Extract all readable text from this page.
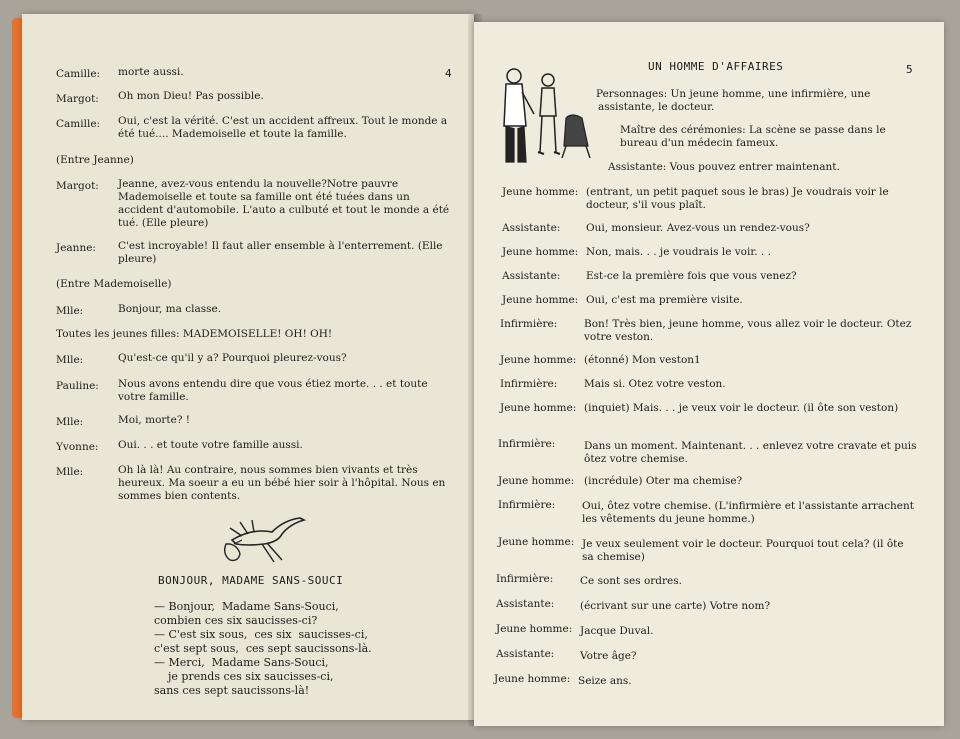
4
Camille: morte aussi.
Margot: Oh mon Dieu! Pas possible.
Camille: Oui, c'est la vérité. C'est un accident affreux. Tout le monde a été tué.... Mademoiselle et toute la famille.
(Entre Jeanne)
Margot: Jeanne, avez-vous entendu la nouvelle?Notre pauvre Mademoiselle et toute sa famille ont été tuées dans un accident d'automobile. L'auto a culbuté et tout le monde a été tué. (Elle pleure)
Jeanne: C'est incroyable! Il faut aller ensemble à l'enterrement. (Elle pleure)
(Entre Mademoiselle)
Mlle:	Bonjour, ma classe.
Toutes les jeunes filles: MADEMOISELLE! OH! OH!
Mlle:	Qu'est-ce qu'il y a? Pourquoi pleurez-vous?
Pauline: Nous avons entendu dire que vous étiez morte. . . et toute votre famille.
Mlle:	Moi, morte? !
Yvonne: Oui. . . et toute votre famille aussi.
Mlle:	Oh là là! Au contraire, nous sommes bien vivants et très heureux. Ma soeur a eu un bébé hier soir à l'hôpital. Nous en sommes bien contents.
BONJOUR, MADAME SANS-SOUCI
— Bonjour,  Madame Sans-Souci,
combien ces six saucisses-ci?
— C'est six sous,  ces six  saucisses-ci,
c'est sept sous,  ces sept saucissons-là.
— Merci,  Madame Sans-Souci,
je prends ces six saucisses-ci,
sans ces sept saucissons-là!
UN HOMME D'AFFAIRES	5
Personnages: Un jeune homme, une infirmière, une assistante, le docteur.
Maître des cérémonies: La scène se passe dans le bureau d'un médecin fameux.
Assistante: Vous pouvez entrer maintenant.
Jeune homme: (entrant, un petit paquet sous le bras) Je voudrais voir le docteur, s'il vous plaît.
Assistante: Oui, monsieur. Avez-vous un rendez-vous?
Jeune homme: Non, mais. . . je voudrais le voir. . .
Assistante: Est-ce la première fois que vous venez?
Jeune homme: Oui, c'est ma première visite.
Infirmière:	Bon! Très bien, jeune homme, vous allez voir le docteur. Otez votre veston.
Jeune homme: (étonné) Mon veston1
Infirmière:	Mais si. Otez votre veston.
Jeune homme: (inquiet) Mais. . . je veux voir le docteur. (il ôte son veston)
Infirmière:	Dans un moment. Maintenant. . . enlevez votre cravate et puis ôtez votre chemise.
Jeune homme: (incrédule) Oter ma chemise?
Infirmière:	Oui, ôtez votre chemise. (L'infirmière et l'assistante arrachent les vêtements du jeune homme.)
Jeune homme: Je veux seulement voir le docteur. Pourquoi tout cela? (il ôte sa chemise)
Infirmière:	Ce sont ses ordres.
Assistante: (écrivant sur une carte) Votre nom?
Jeune homme: Jacque Duval.
Assistante: Votre âge?
Jeune homme: Seize ans.
